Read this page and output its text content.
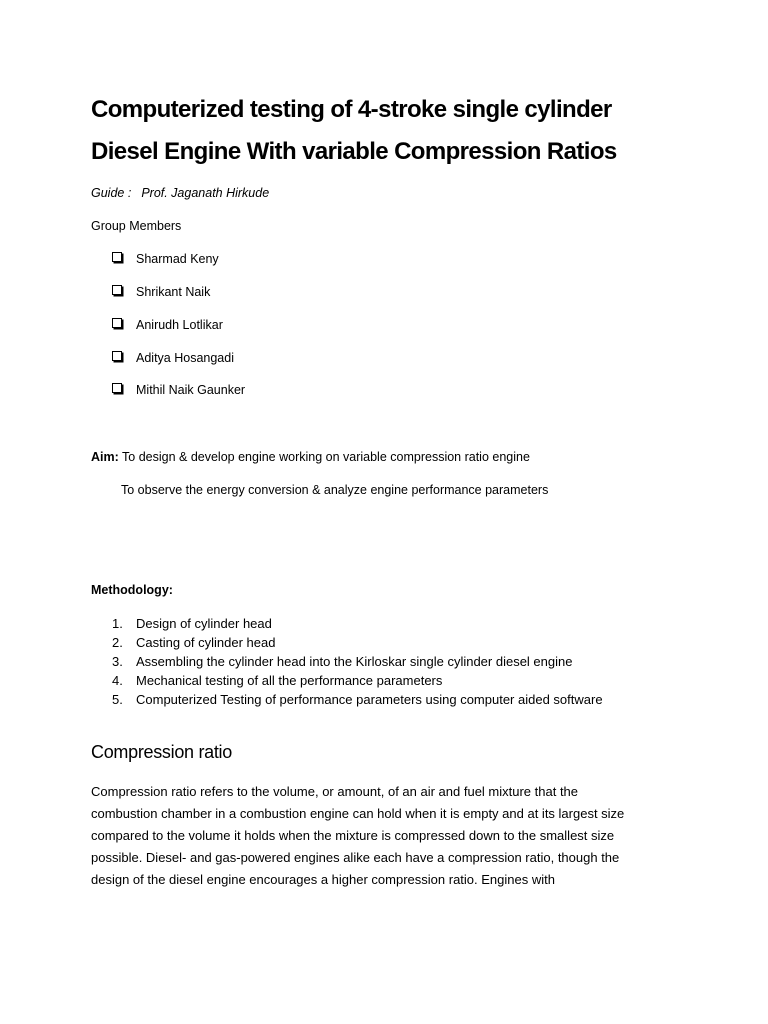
Computerized testing of 4-stroke single cylinder
Diesel Engine With variable Compression Ratios
Guide : Prof. Jaganath Hirkude
Group Members
Sharmad Keny
Shrikant Naik
Anirudh Lotlikar
Aditya Hosangadi
Mithil Naik Gaunker
Aim: To design & develop engine working on variable compression ratio engine
To observe the energy conversion & analyze engine performance parameters
Methodology:
1. Design of cylinder head
2. Casting of cylinder head
3. Assembling the cylinder head into the Kirloskar single cylinder diesel engine
4. Mechanical testing of all the performance parameters
5. Computerized Testing of performance parameters using computer aided software
Compression ratio
Compression ratio refers to the volume, or amount, of an air and fuel mixture that the
combustion chamber in a combustion engine can hold when it is empty and at its largest size
compared to the volume it holds when the mixture is compressed down to the smallest size
possible. Diesel- and gas-powered engines alike each have a compression ratio, though the
design of the diesel engine encourages a higher compression ratio. Engines with
